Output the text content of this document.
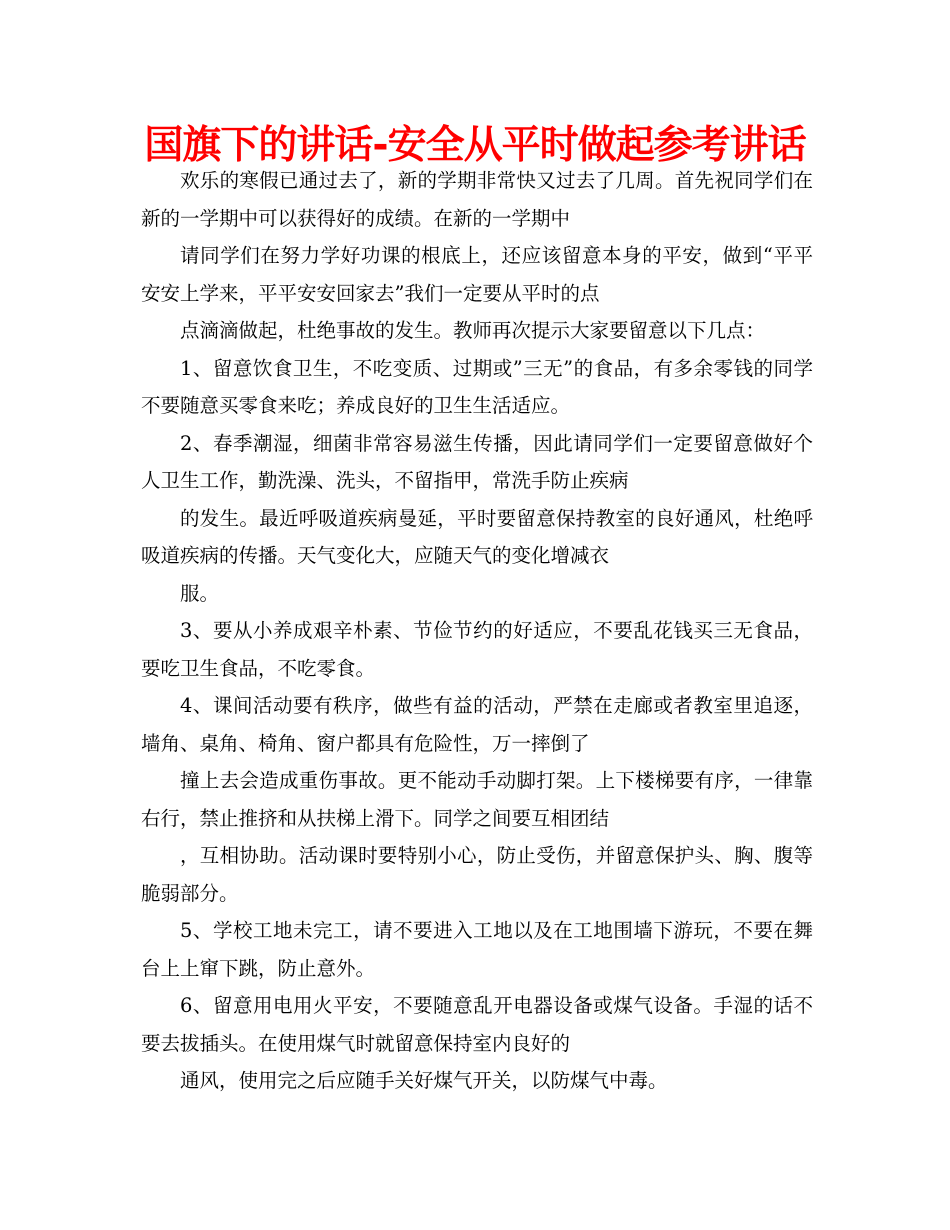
国旗下的讲话-安全从平时做起参考讲话

欢乐的寒假已通过去了，新的学期非常快又过去了几周。首先祝同学们在新的一学期中可以获得好的成绩。在新的一学期中

请同学们在努力学好功课的根底上，还应该留意本身的平安，做到“平平安安上学来，平平安安回家去”我们一定要从平时的点

点滴滴做起，杜绝事故的发生。教师再次提示大家要留意以下几点：

1、留意饮食卫生，不吃变质、过期或”三无”的食品，有多余零钱的同学不要随意买零食来吃；养成良好的卫生生活适应。

2、春季潮湿，细菌非常容易滋生传播，因此请同学们一定要留意做好个人卫生工作，勤洗澡、洗头，不留指甲，常洗手防止疾病

的发生。最近呼吸道疾病曼延，平时要留意保持教室的良好通风，杜绝呼吸道疾病的传播。天气变化大，应随天气的变化增减衣

服。

3、要从小养成艰辛朴素、节俭节约的好适应，不要乱花钱买三无食品，要吃卫生食品，不吃零食。

4、课间活动要有秩序，做些有益的活动，严禁在走廊或者教室里追逐，墙角、桌角、椅角、窗户都具有危险性，万一摔倒了

撞上去会造成重伤事故。更不能动手动脚打架。上下楼梯要有序，一律靠右行，禁止推挤和从扶梯上滑下。同学之间要互相团结

，互相协助。活动课时要特别小心，防止受伤，并留意保护头、胸、腹等脆弱部分。

5、学校工地未完工，请不要进入工地以及在工地围墙下游玩，不要在舞台上上窜下跳，防止意外。

6、留意用电用火平安，不要随意乱开电器设备或煤气设备。手湿的话不要去拔插头。在使用煤气时就留意保持室内良好的

通风，使用完之后应随手关好煤气开关，以防煤气中毒。
